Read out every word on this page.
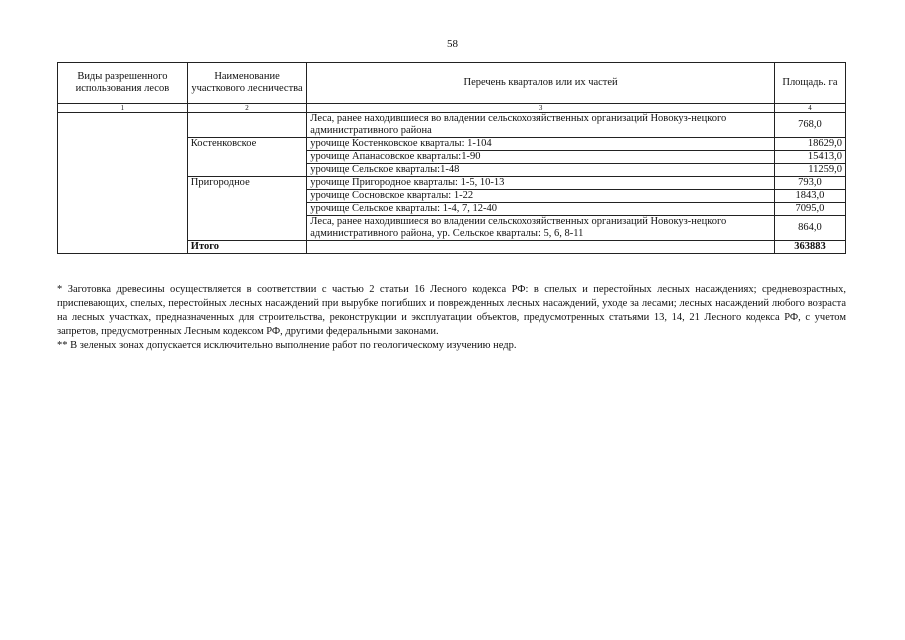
58
Виды разрешенного использования лесов	Наименование участкового лесничества	Перечень кварталов или их частей	Площадь. га
1	2	3	4
		Леса, ранее находившиеся во владении сельскохозяйственных организаций Новокуз-нецкого административного района	768,0
	Костенковское	урочище Костенковское кварталы: 1-104	18629,0
		урочище Апанасовское кварталы:1-90	15413,0
		урочище Сельское кварталы:1-48	11259,0
	Пригородное	урочище Пригородное кварталы: 1-5, 10-13	793,0
		урочище Сосновское кварталы: 1-22	1843,0
		урочище Сельское кварталы: 1-4, 7, 12-40	7095,0
		Леса, ранее находившиеся во владении сельскохозяйственных организаций Новокуз-нецкого административного района, ур. Сельское кварталы: 5, 6, 8-11	864,0
	Итого		363883

* Заготовка древесины осуществляется в соответствии с частью 2 статьи 16 Лесного кодекса РФ: в спелых и перестойных лесных насаждениях; средневозрастных, приспевающих, спелых, перестойных лесных насаждений при вырубке погибших и поврежденных лесных насаждений, уходе за лесами; лесных насаждений любого возраста на лесных участках, предназначенных для строительства, реконструкции и эксплуатации объектов, предусмотренных статьями 13, 14, 21 Лесного кодекса РФ, с учетом запретов, предусмотренных Лесным кодексом РФ, другими федеральными законами.

** В зеленых зонах допускается исключительно выполнение работ по геологическому изучению недр.
